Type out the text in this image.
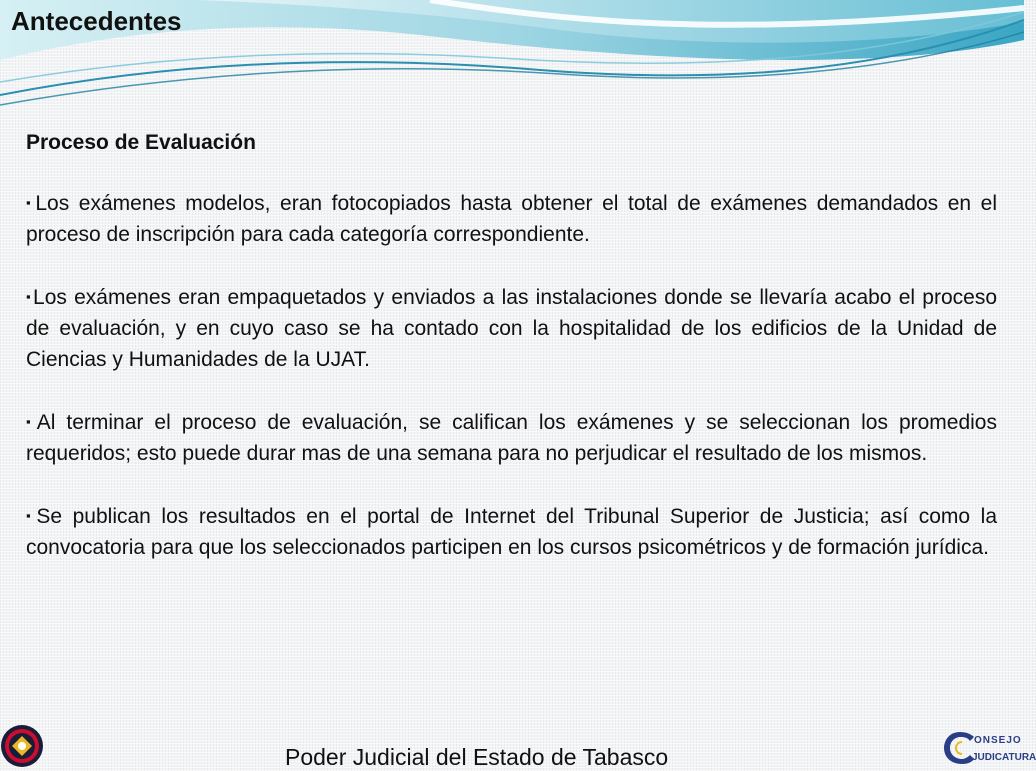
Antecedentes

Proceso de Evaluación

▪Los exámenes modelos, eran fotocopiados hasta obtener el total de exámenes demandados en el proceso de inscripción para cada categoría correspondiente.

▪Los exámenes eran empaquetados y enviados a las instalaciones donde se llevaría acabo el proceso de evaluación, y en cuyo caso se ha contado con la hospitalidad de los edificios de la Unidad de Ciencias y Humanidades de la UJAT.

▪Al terminar el proceso de evaluación, se califican los exámenes y se seleccionan los promedios requeridos; esto puede durar mas de una semana para no perjudicar el resultado de los mismos.

▪Se publican los resultados en el portal de Internet del Tribunal Superior de Justicia; así como la convocatoria para que los seleccionados participen en los cursos psicométricos y de formación jurídica.

ONSEJO
JUDICATURA
Poder Judicial del Estado de Tabasco
